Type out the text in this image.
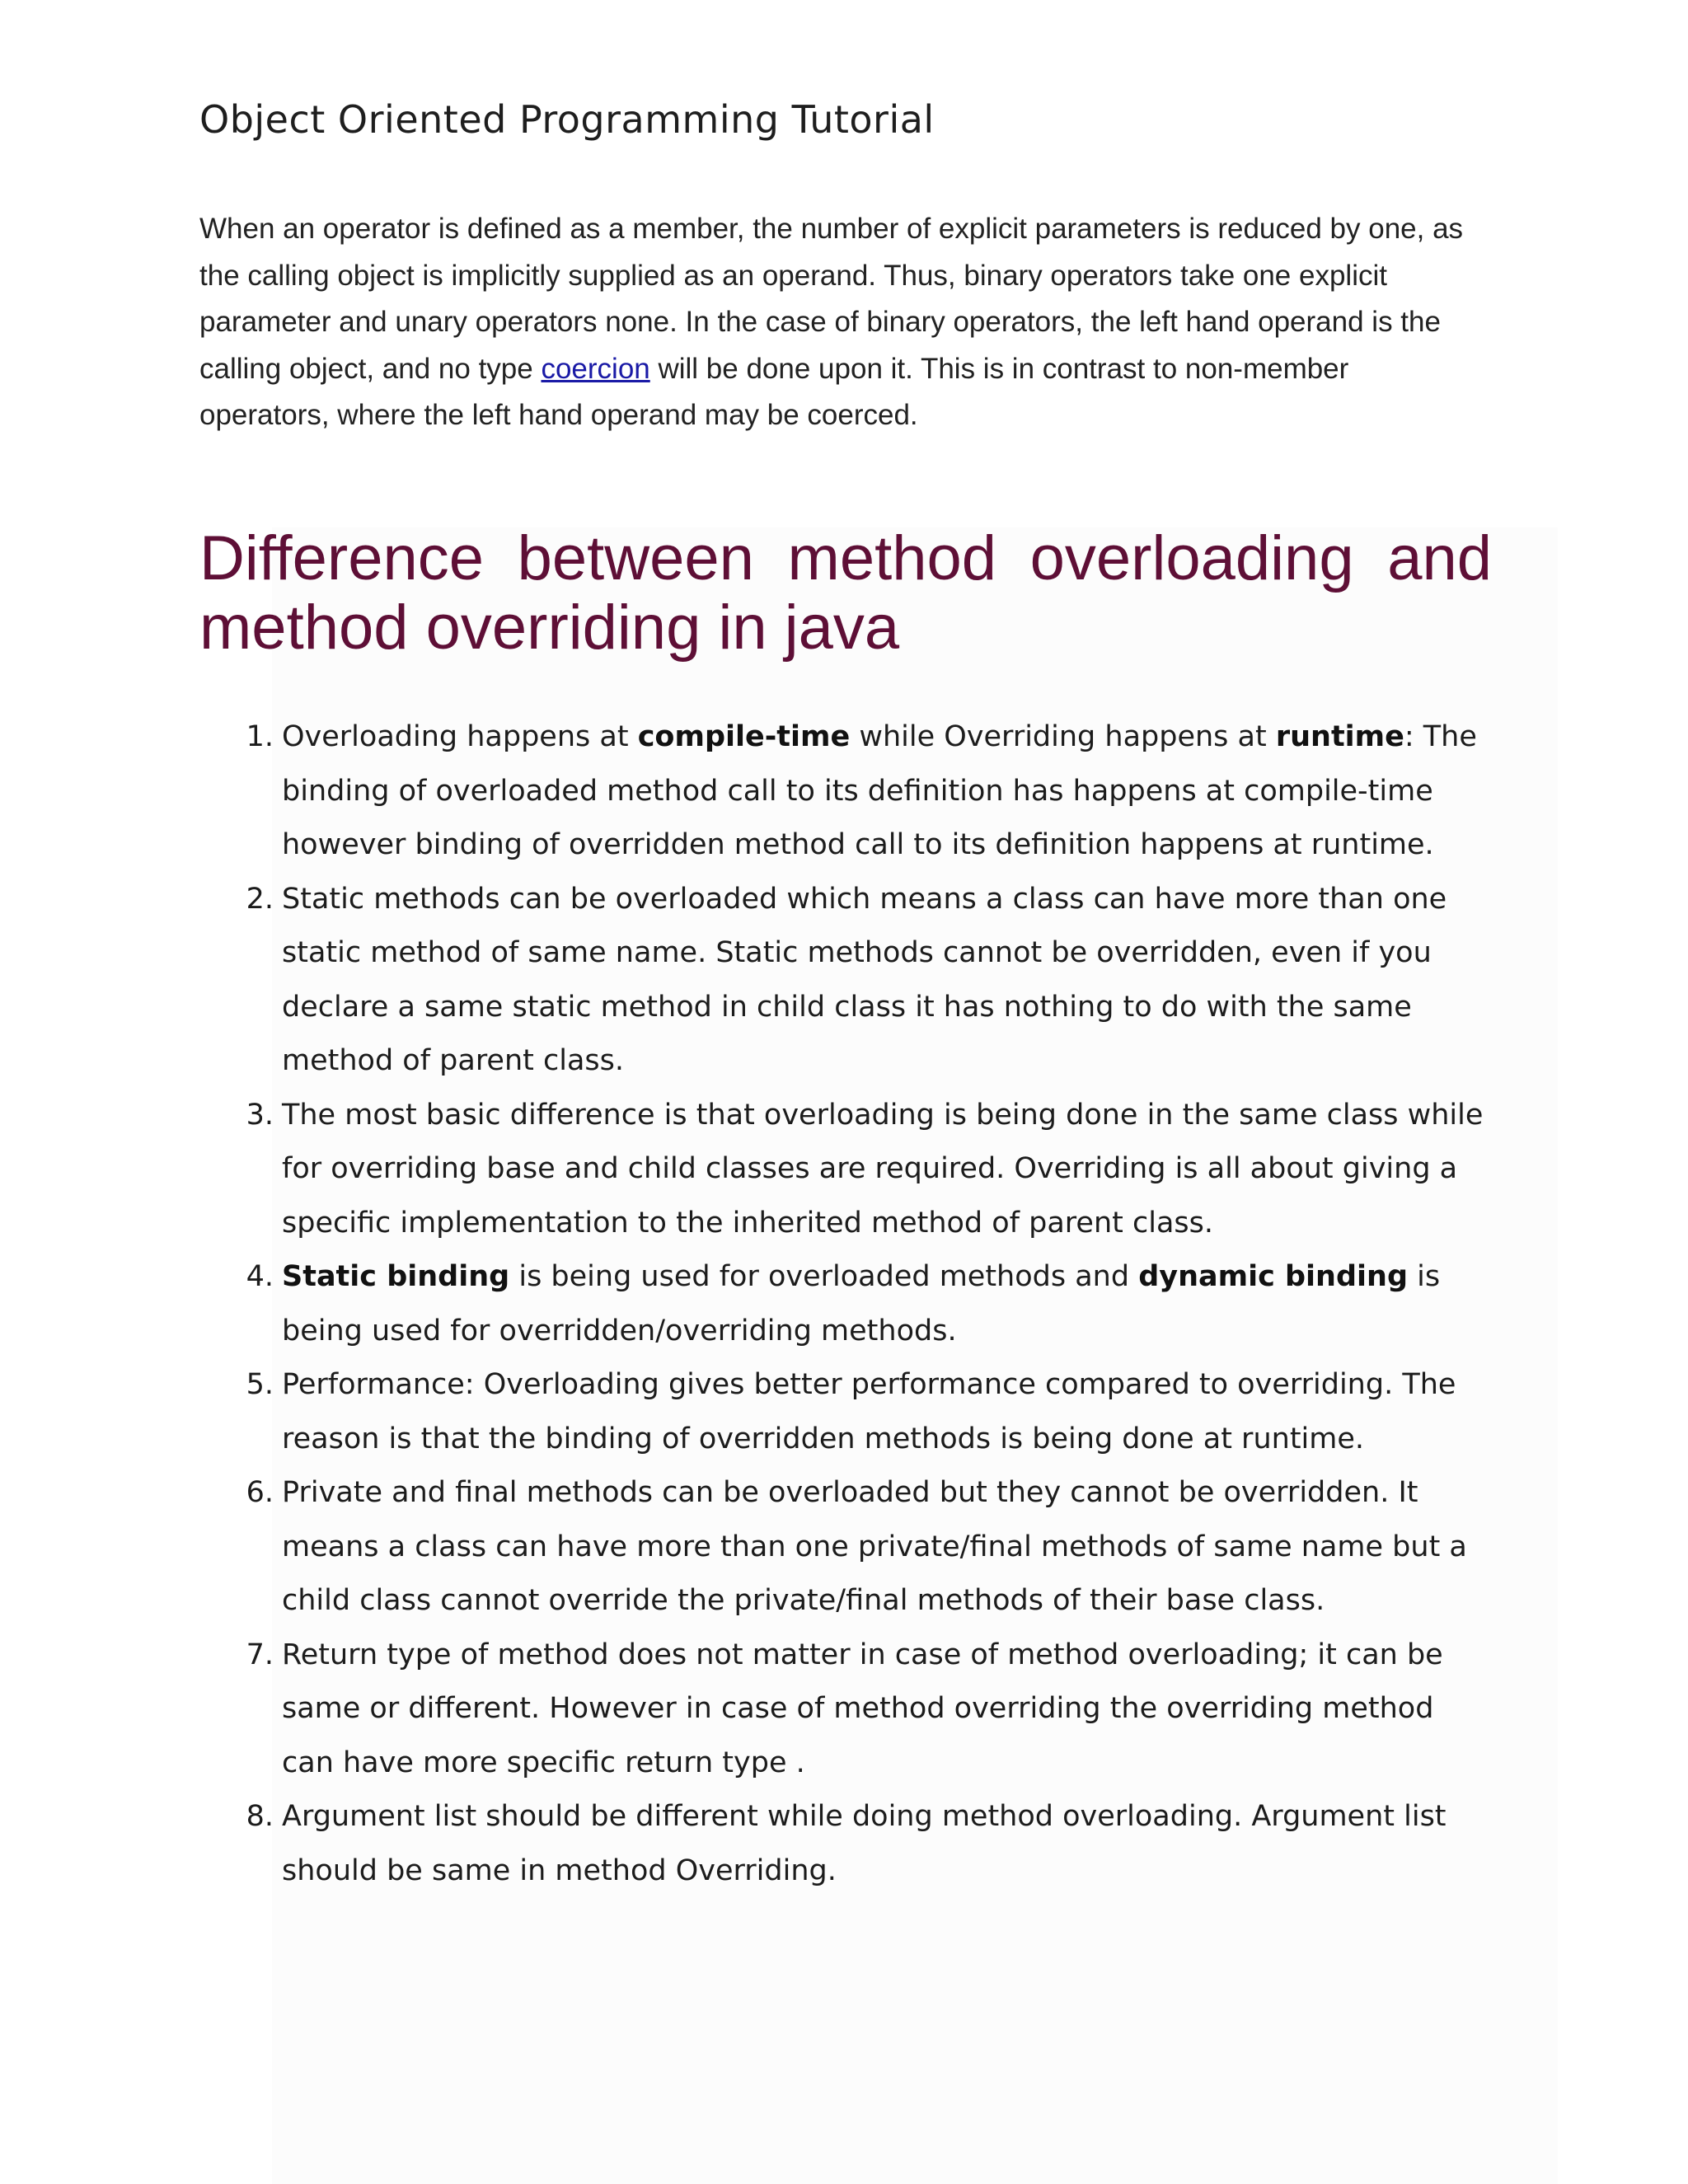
Object Oriented Programming Tutorial

When an operator is defined as a member, the number of explicit parameters is reduced by one, as the calling object is implicitly supplied as an operand. Thus, binary operators take one explicit parameter and unary operators none. In the case of binary operators, the left hand operand is the calling object, and no type coercion will be done upon it. This is in contrast to non-member operators, where the left hand operand may be coerced.

Difference between method overloading and method overriding in java
1. Overloading happens at compile-time while Overriding happens at runtime: The binding of overloaded method call to its definition has happens at compile-time however binding of overridden method call to its definition happens at runtime.
2. Static methods can be overloaded which means a class can have more than one static method of same name. Static methods cannot be overridden, even if you declare a same static method in child class it has nothing to do with the same method of parent class.
3. The most basic difference is that overloading is being done in the same class while for overriding base and child classes are required. Overriding is all about giving a specific implementation to the inherited method of parent class.
4. Static binding is being used for overloaded methods and dynamic binding is being used for overridden/overriding methods.
5. Performance: Overloading gives better performance compared to overriding. The reason is that the binding of overridden methods is being done at runtime.
6. Private and final methods can be overloaded but they cannot be overridden. It means a class can have more than one private/final methods of same name but a child class cannot override the private/final methods of their base class.
7. Return type of method does not matter in case of method overloading; it can be same or different. However in case of method overriding the overriding method can have more specific return type .
8. Argument list should be different while doing method overloading. Argument list should be same in method Overriding.
